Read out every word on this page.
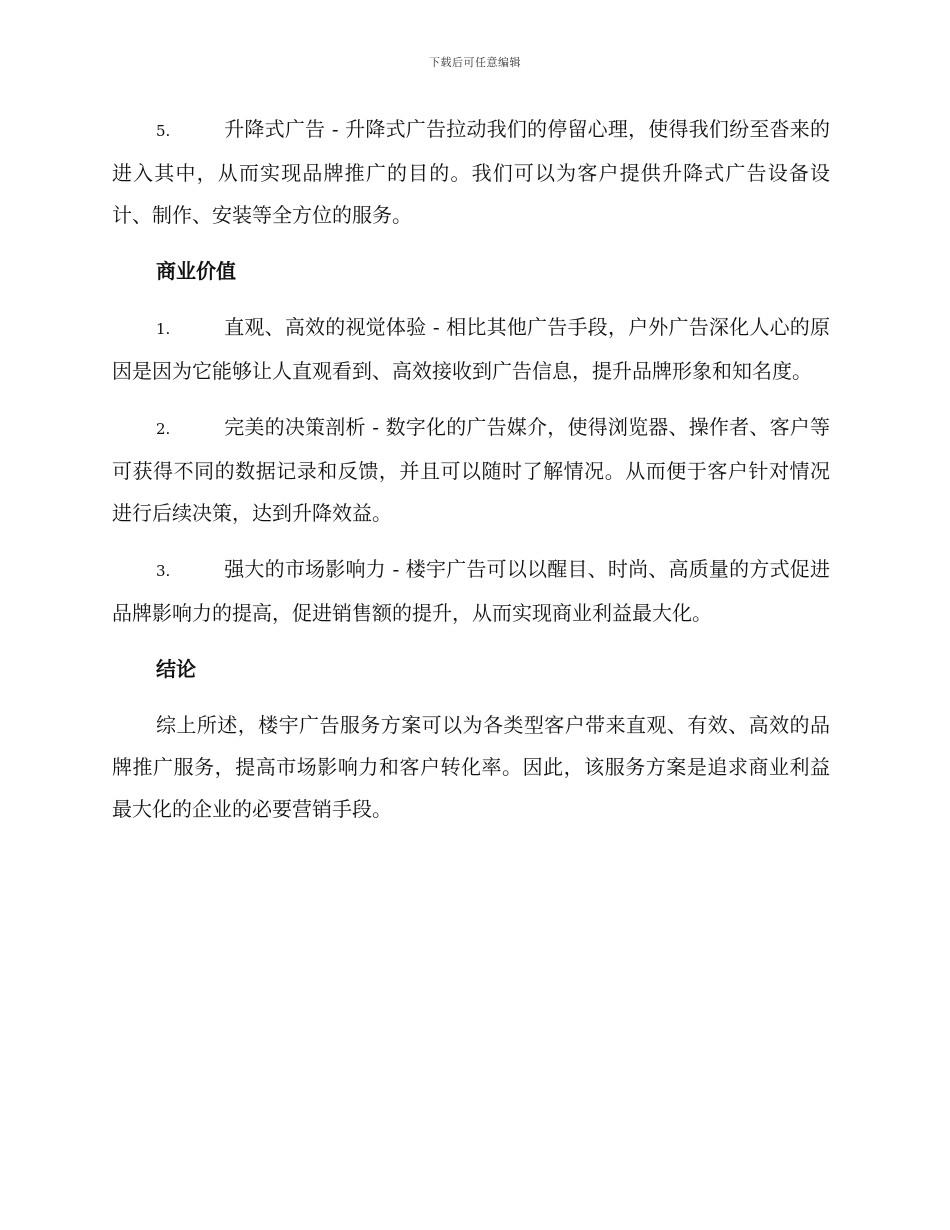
下载后可任意编辑

5.	升降式广告 - 升降式广告拉动我们的停留心理，使得我们纷至沓来的进入其中，从而实现品牌推广的目的。我们可以为客户提供升降式广告设备设计、制作、安装等全方位的服务。

商业价值

1.	直观、高效的视觉体验 - 相比其他广告手段，户外广告深化人心的原因是因为它能够让人直观看到、高效接收到广告信息，提升品牌形象和知名度。

2.	完美的决策剖析 - 数字化的广告媒介，使得浏览器、操作者、客户等可获得不同的数据记录和反馈，并且可以随时了解情况。从而便于客户针对情况进行后续决策，达到升降效益。

3.	强大的市场影响力 - 楼宇广告可以以醒目、时尚、高质量的方式促进品牌影响力的提高，促进销售额的提升，从而实现商业利益最大化。

结论

综上所述，楼宇广告服务方案可以为各类型客户带来直观、有效、高效的品牌推广服务，提高市场影响力和客户转化率。因此，该服务方案是追求商业利益最大化的企业的必要营销手段。
